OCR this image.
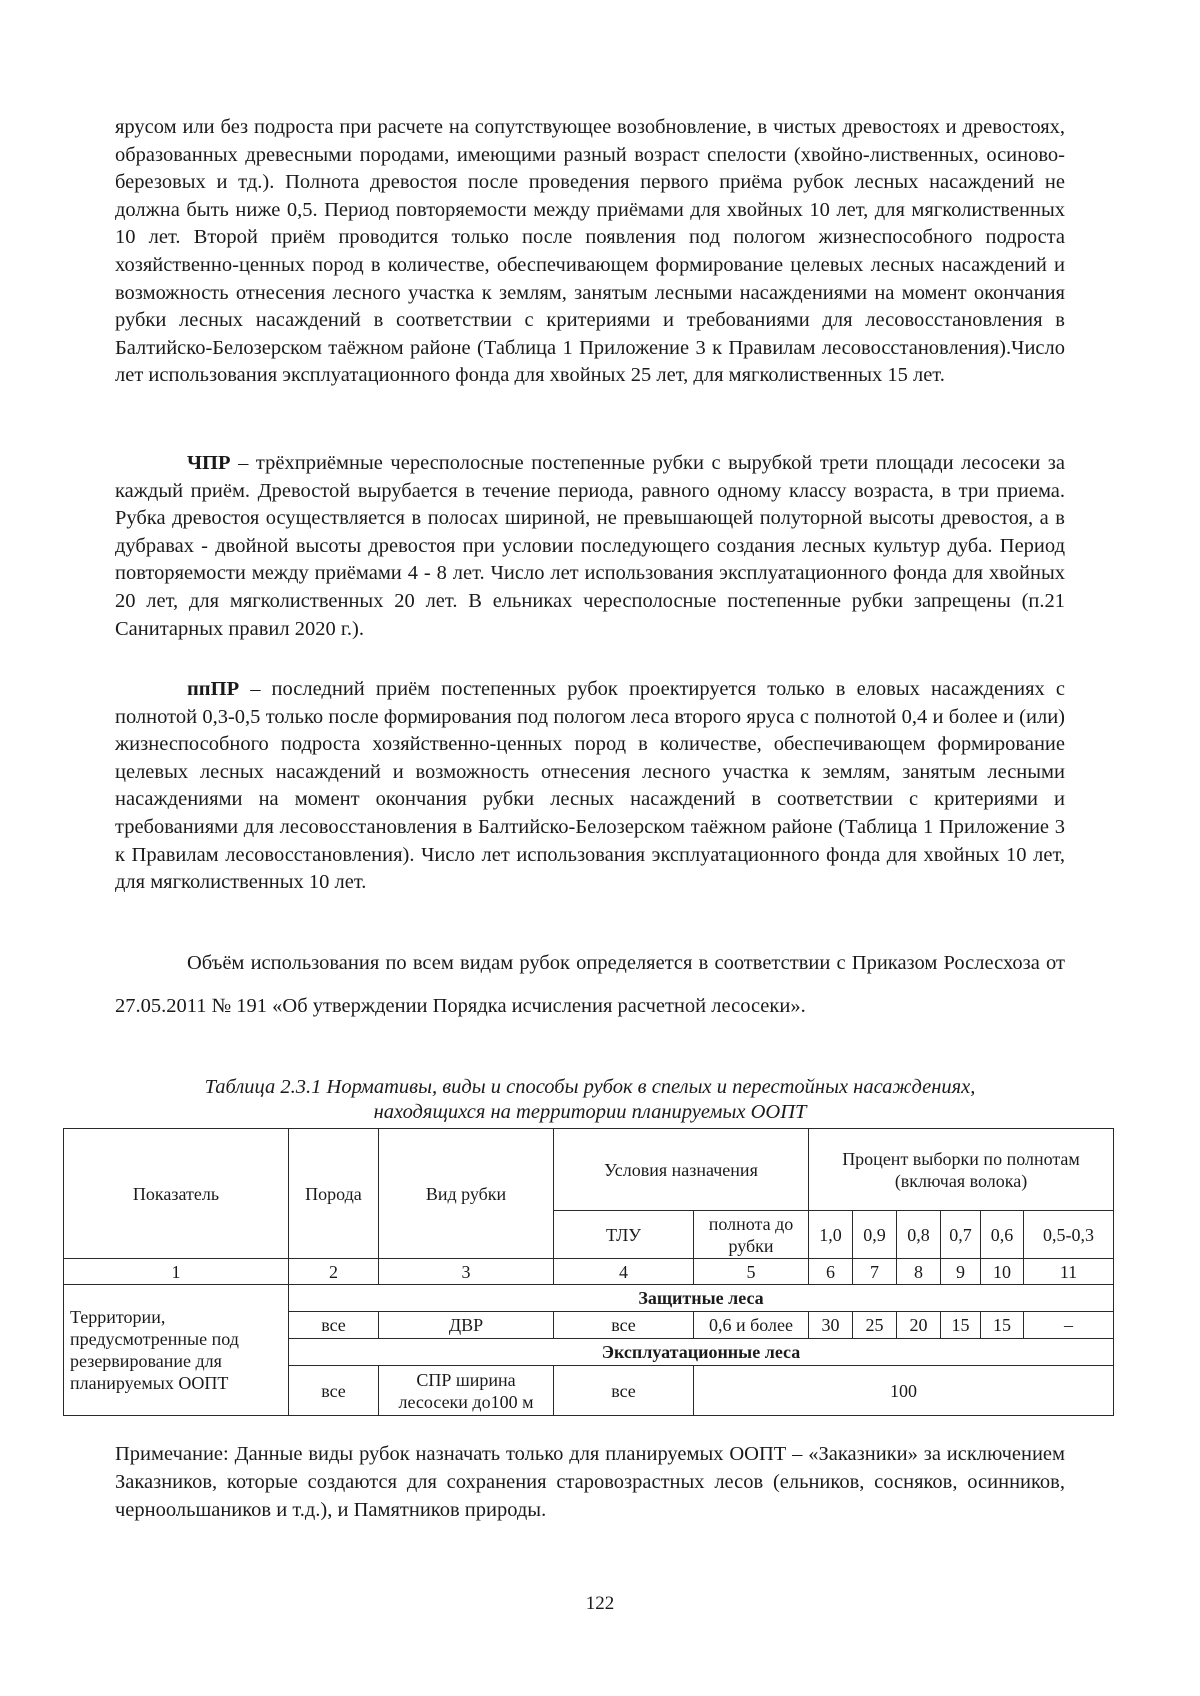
ярусом или без подроста при расчете на сопутствующее возобновление, в чистых древостоях и древостоях, образованных древесными породами, имеющими разный возраст спелости (хвойно-лиственных, осиново-березовых и тд.). Полнота древостоя после проведения первого приёма рубок лесных насаждений не должна быть ниже 0,5. Период повторяемости между приёмами для хвойных 10 лет, для мягколиственных 10 лет. Второй приём проводится только после появления под пологом жизнеспособного подроста хозяйственно-ценных пород в количестве, обеспечивающем формирование целевых лесных насаждений и возможность отнесения лесного участка к землям, занятым лесными насаждениями на момент окончания рубки лесных насаждений в соответствии с критериями и требованиями для лесовосстановления в Балтийско-Белозерском таёжном районе (Таблица 1 Приложение 3 к Правилам лесовосстановления).Число лет использования эксплуатационного фонда для хвойных 25 лет, для мягколиственных 15 лет.

ЧПР – трёхприёмные чересполосные постепенные рубки с вырубкой трети площади лесосеки за каждый приём. Древостой вырубается в течение периода, равного одному классу возраста, в три приема. Рубка древостоя осуществляется в полосах шириной, не превышающей полуторной высоты древостоя, а в дубравах - двойной высоты древостоя при условии последующего создания лесных культур дуба. Период повторяемости между приёмами 4 - 8 лет. Число лет использования эксплуатационного фонда для хвойных 20 лет, для мягколиственных 20 лет. В ельниках чересполосные постепенные рубки запрещены (п.21 Санитарных правил 2020 г.).

ппПР – последний приём постепенных рубок проектируется только в еловых насаждениях с полнотой 0,3-0,5 только после формирования под пологом леса второго яруса с полнотой 0,4 и более и (или) жизнеспособного подроста хозяйственно-ценных пород в количестве, обеспечивающем формирование целевых лесных насаждений и возможность отнесения лесного участка к землям, занятым лесными насаждениями на момент окончания рубки лесных насаждений в соответствии с критериями и требованиями для лесовосстановления в Балтийско-Белозерском таёжном районе (Таблица 1 Приложение 3 к Правилам лесовосстановления). Число лет использования эксплуатационного фонда для хвойных 10 лет, для мягколиственных 10 лет.

Объём использования по всем видам рубок определяется в соответствии с Приказом Рослесхоза от 27.05.2011 № 191 «Об утверждении Порядка исчисления расчетной лесосеки».

Таблица 2.3.1 Нормативы, виды и способы рубок в спелых и перестойных насаждениях,
находящихся на территории планируемых ООПТ
Показатель	Порода	Вид рубки	Условия назначения		Процент выборки по полнотам (включая волока)					
			ТЛУ	полнота до рубки	1,0	0,9	0,8	0,7	0,6	0,5-0,3
1	2	3	4	5	6	7	8	9	10	11
Территории, предусмотренные под резервирование для планируемых ООПТ	Защитные леса									
	все	ДВР	все	0,6 и более	30	25	20	15	15	–
	Эксплуатационные леса									
	все	СПР ширина лесосеки до100 м	все	100						

Примечание: Данные виды рубок назначать только для планируемых ООПТ – «Заказники» за исключением Заказников, которые создаются для сохранения старовозрастных лесов (ельников, сосняков, осинников, черноольшаников и т.д.), и Памятников природы.

122
